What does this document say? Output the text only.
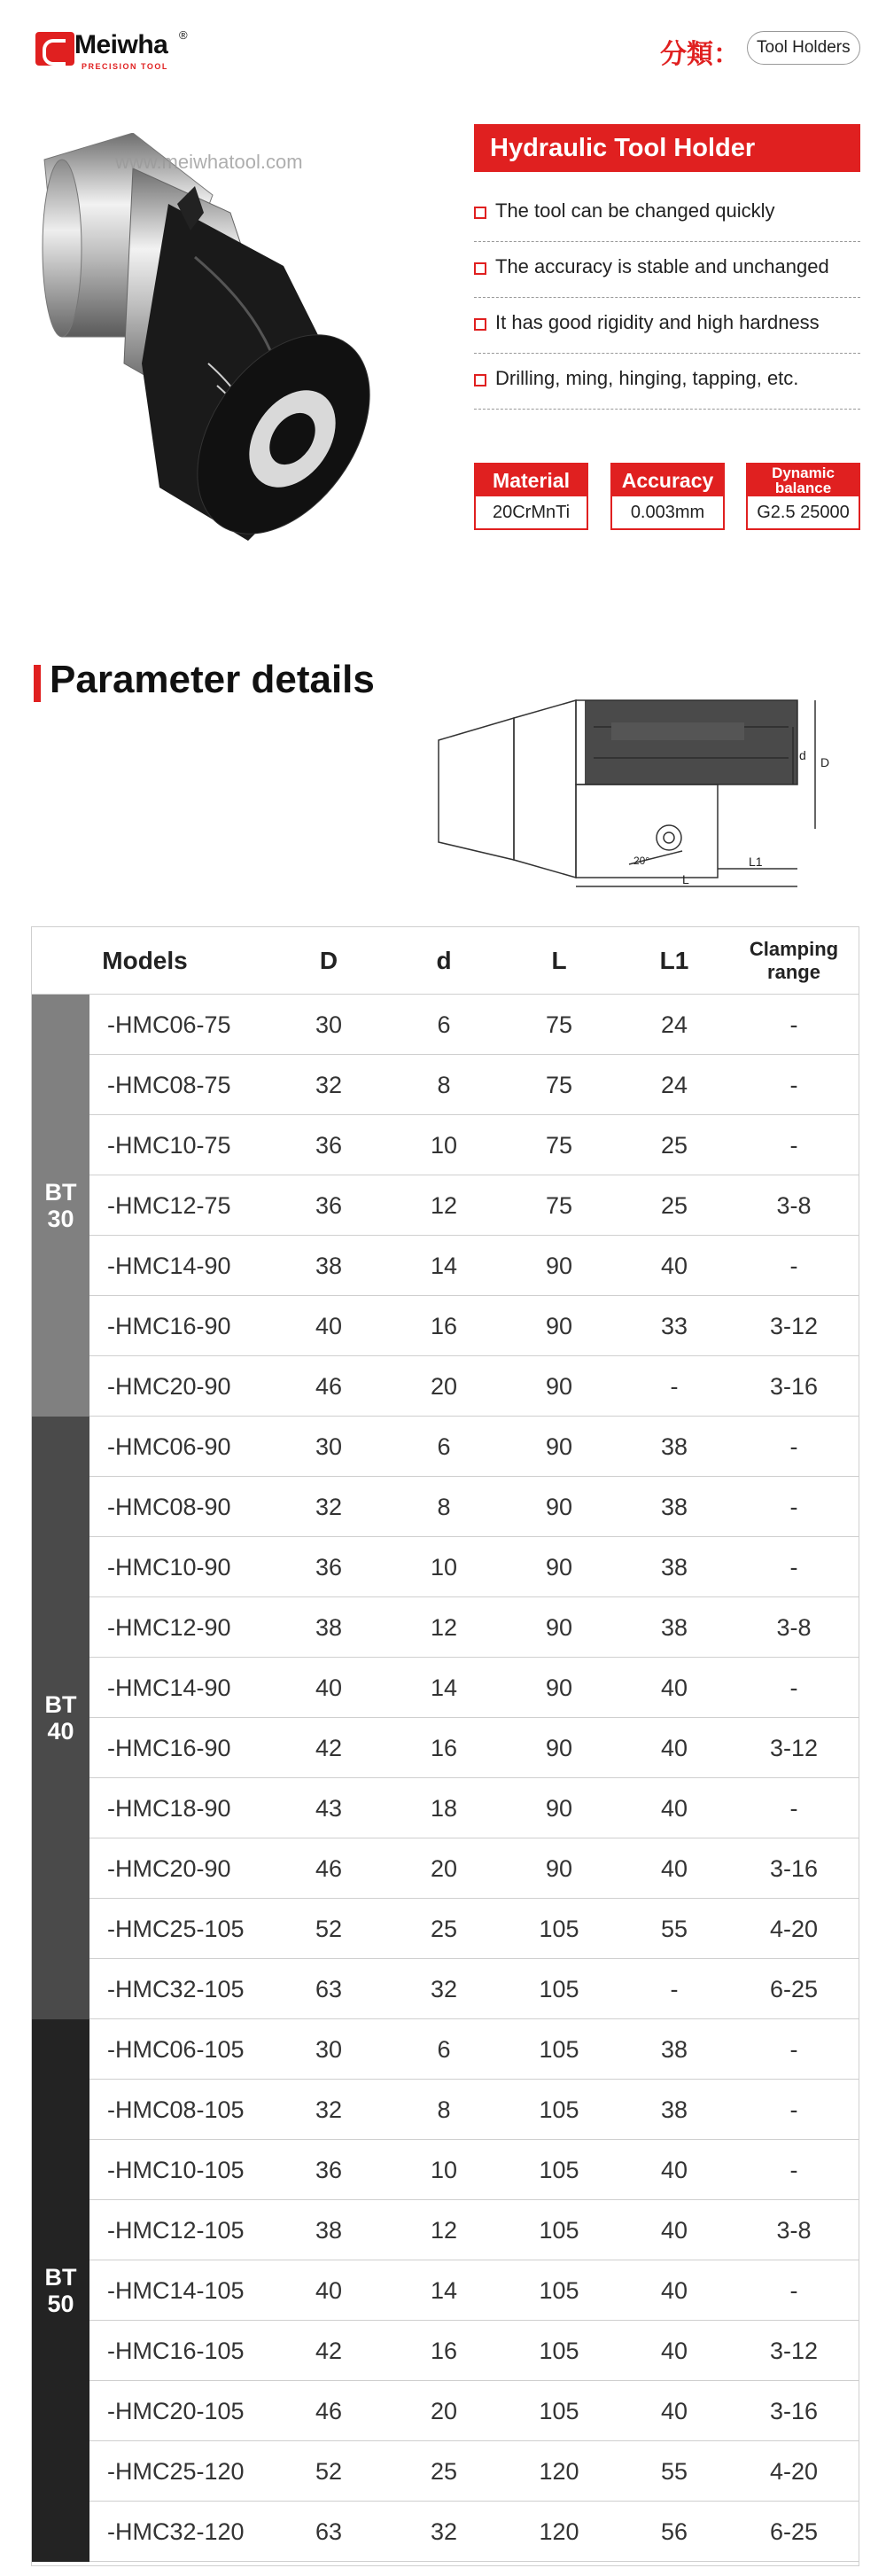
Meiwha ®
PRECISION TOOL	分類：	Tool Holders
www.meiwhatool.com	Hydraulic Tool Holder
The tool can be changed quickly
The accuracy is stable and unchanged
It has good rigidity and high hardness
Drilling, ming, hinging, tapping, etc.
Material
20CrMnTi
Accuracy
0.003mm
Dynamic balance
G2.5 25000
Parameter details
D
d
L
L1
20°
Models	D	d	L	L1	Clamping range
BT
30
-HMC06-75	30	6	75	24	-
-HMC08-75	32	8	75	24	-
-HMC10-75	36	10	75	25	-
-HMC12-75	36	12	75	25	3-8
-HMC14-90	38	14	90	40	-
-HMC16-90	40	16	90	33	3-12
-HMC20-90	46	20	90	-	3-16
BT
40
-HMC06-90	30	6	90	38	-
-HMC08-90	32	8	90	38	-
-HMC10-90	36	10	90	38	-
-HMC12-90	38	12	90	38	3-8
-HMC14-90	40	14	90	40	-
-HMC16-90	42	16	90	40	3-12
-HMC18-90	43	18	90	40	-
-HMC20-90	46	20	90	40	3-16
-HMC25-105	52	25	105	55	4-20
-HMC32-105	63	32	105	-	6-25
BT
50
-HMC06-105	30	6	105	38	-
-HMC08-105	32	8	105	38	-
-HMC10-105	36	10	105	40	-
-HMC12-105	38	12	105	40	3-8
-HMC14-105	40	14	105	40	-
-HMC16-105	42	16	105	40	3-12
-HMC20-105	46	20	105	40	3-16
-HMC25-120	52	25	120	55	4-20
-HMC32-120	63	32	120	56	6-25
